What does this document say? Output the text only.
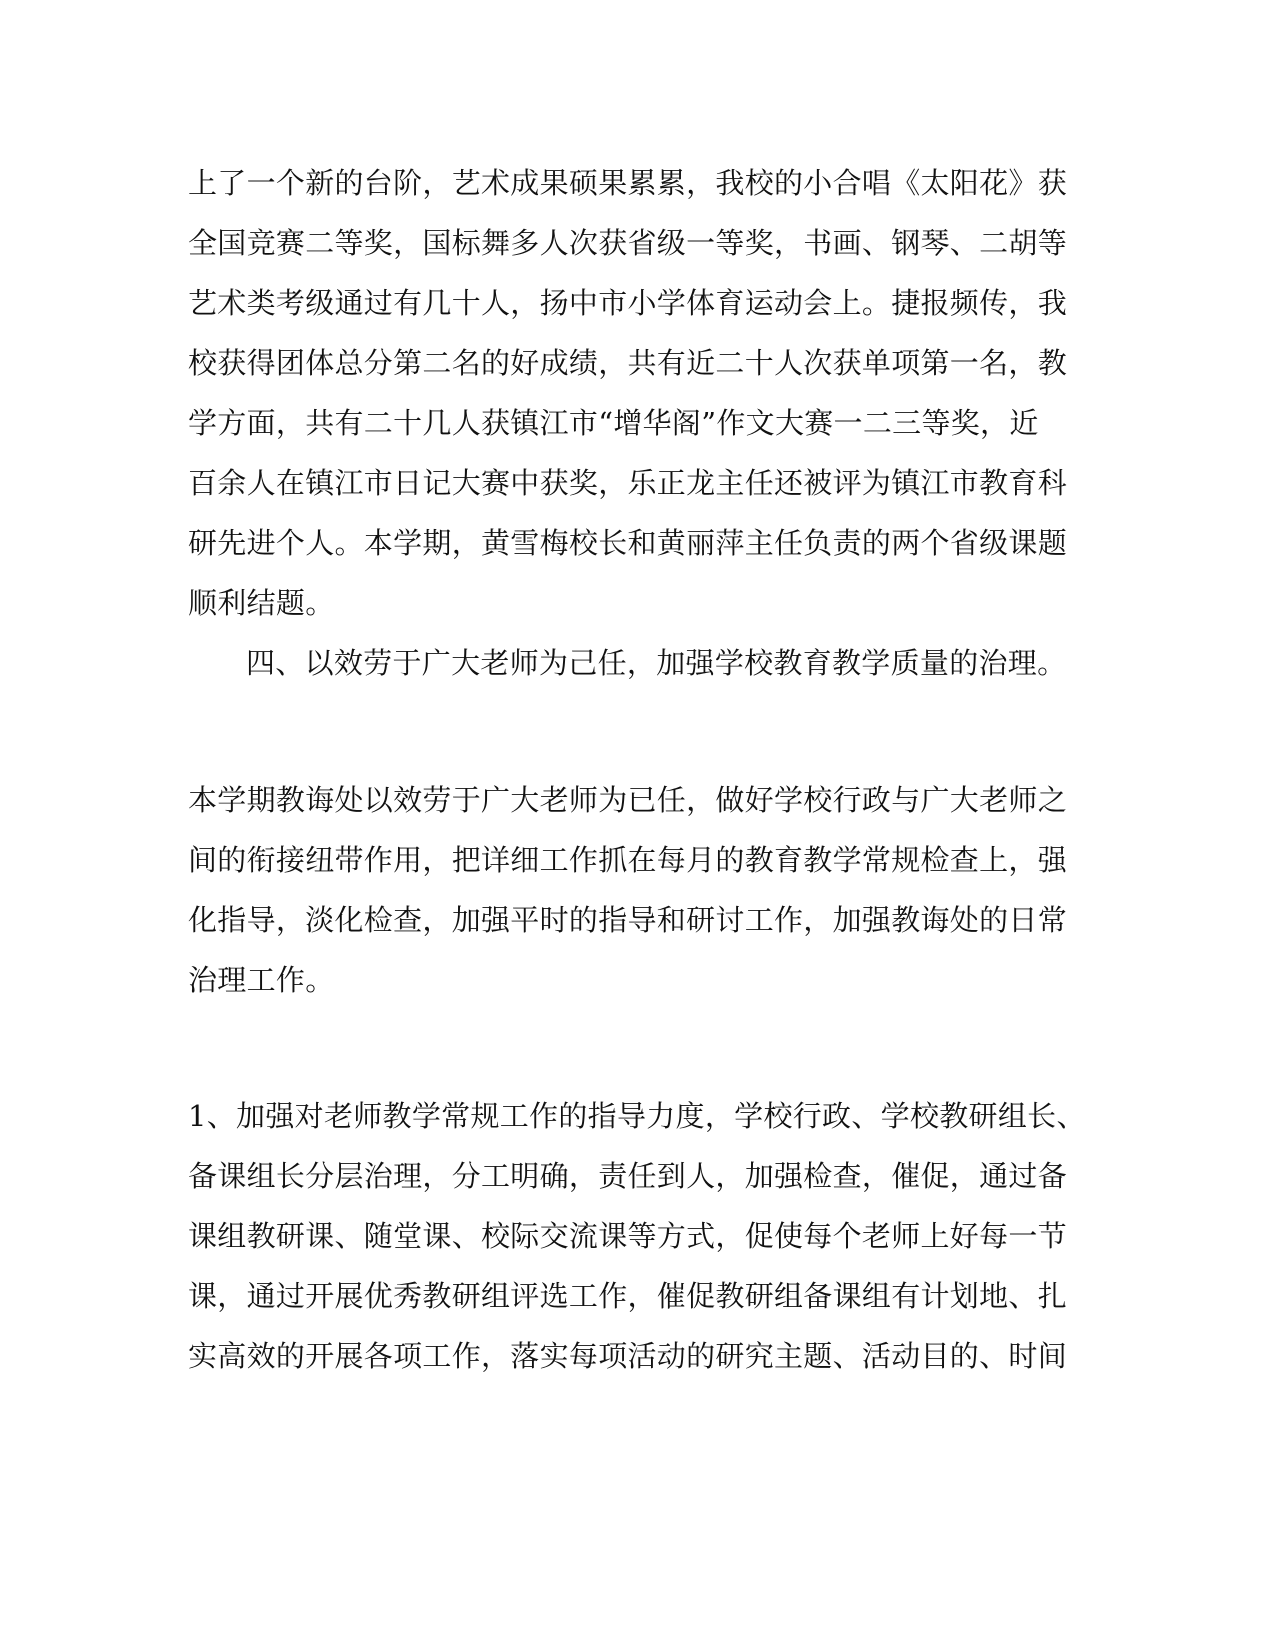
上了一个新的台阶，艺术成果硕果累累，我校的小合唱《太阳花》获
全国竞赛二等奖，国标舞多人次获省级一等奖，书画、钢琴、二胡等
艺术类考级通过有几十人，扬中市小学体育运动会上。捷报频传，我
校获得团体总分第二名的好成绩，共有近二十人次获单项第一名，教
学方面，共有二十几人获镇江市“增华阁”作文大赛一二三等奖，近
百余人在镇江市日记大赛中获奖，乐正龙主任还被评为镇江市教育科
研先进个人。本学期，黄雪梅校长和黄丽萍主任负责的两个省级课题
顺利结题。
四、以效劳于广大老师为己任，加强学校教育教学质量的治理。
本学期教诲处以效劳于广大老师为已任，做好学校行政与广大老师之
间的衔接纽带作用，把详细工作抓在每月的教育教学常规检查上，强
化指导，淡化检查，加强平时的指导和研讨工作，加强教诲处的日常
治理工作。
1、加强对老师教学常规工作的指导力度，学校行政、学校教研组长、
备课组长分层治理，分工明确，责任到人，加强检查，催促，通过备
课组教研课、随堂课、校际交流课等方式，促使每个老师上好每一节
课，通过开展优秀教研组评选工作，催促教研组备课组有计划地、扎
实高效的开展各项工作，落实每项活动的研究主题、活动目的、时间
